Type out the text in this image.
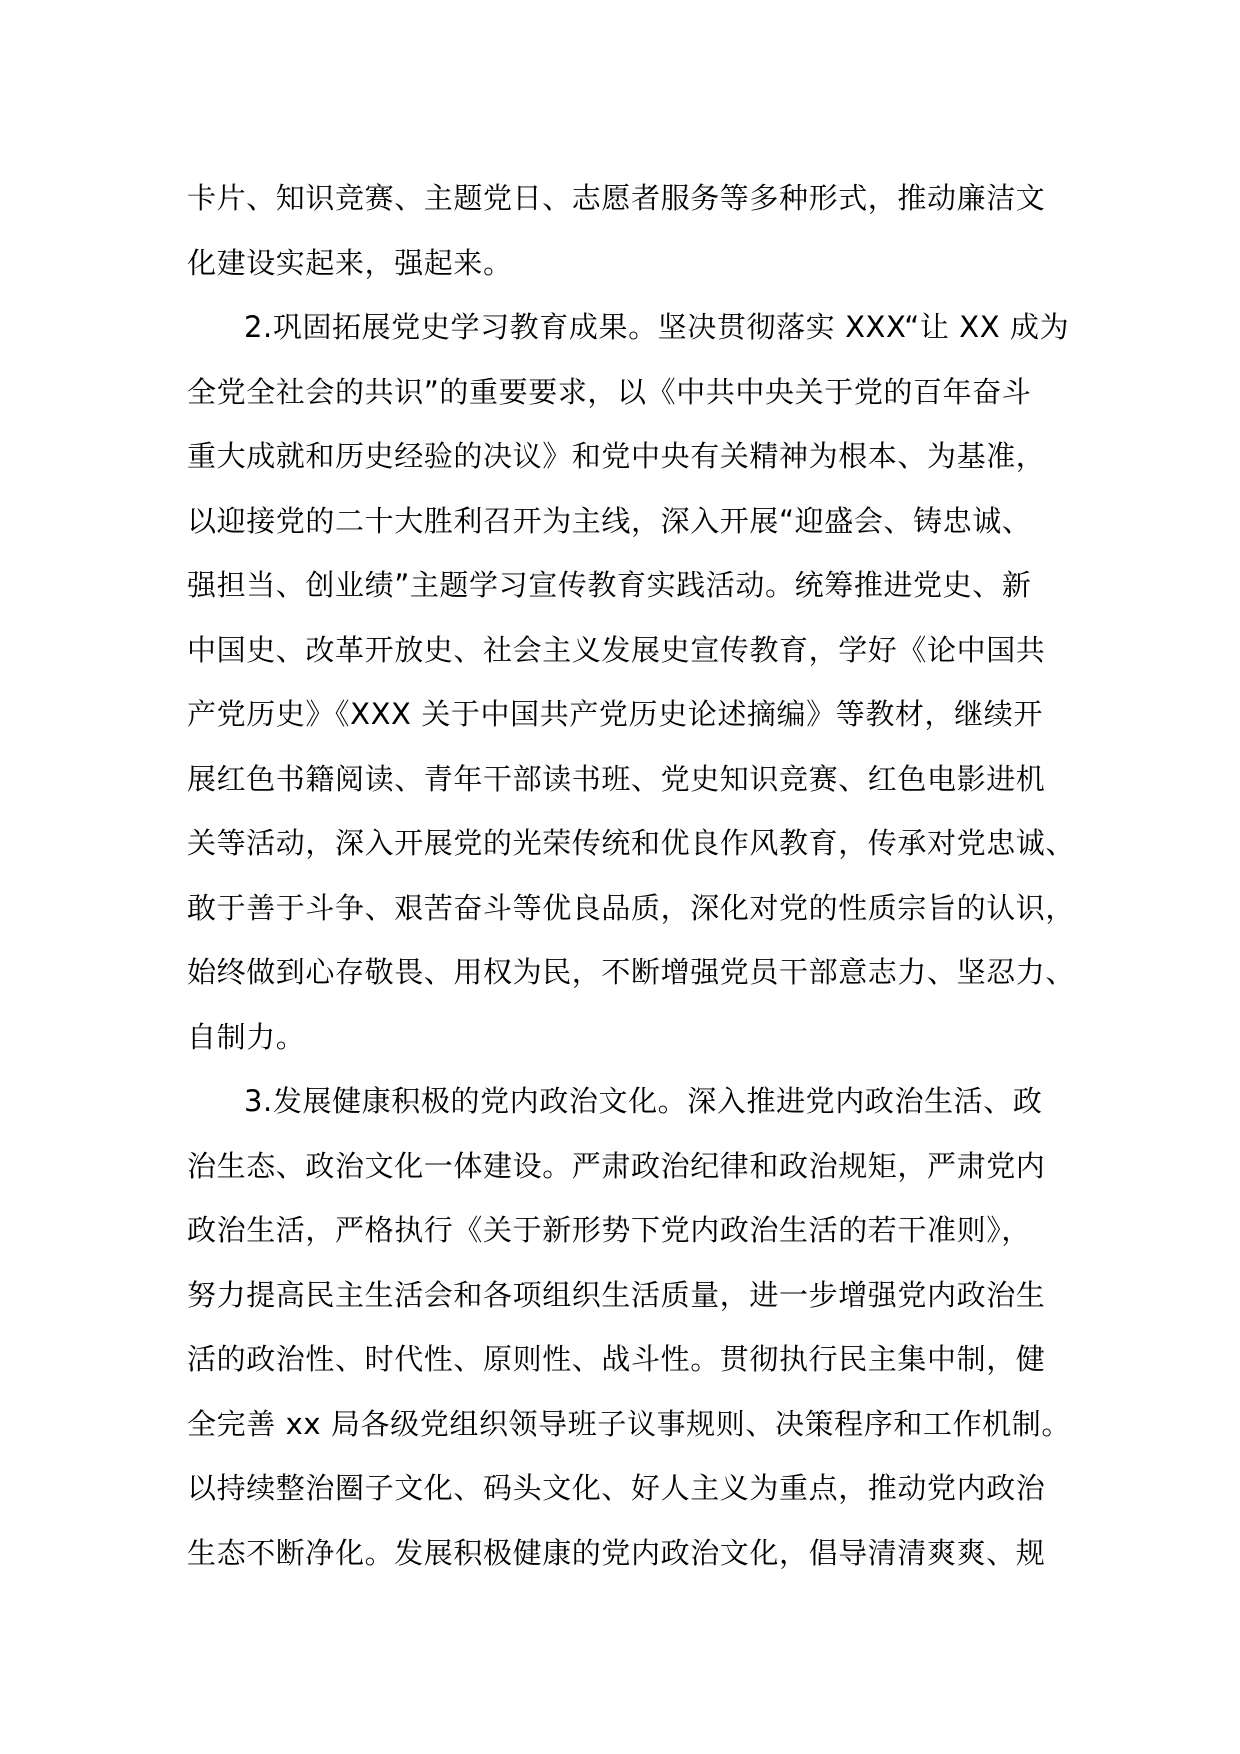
卡片、知识竞赛、主题党日、志愿者服务等多种形式，推动廉洁文
化建设实起来，强起来。
2.巩固拓展党史学习教育成果。坚决贯彻落实 XXX“让 XX 成为
全党全社会的共识”的重要要求，以《中共中央关于党的百年奋斗
重大成就和历史经验的决议》和党中央有关精神为根本、为基准，
以迎接党的二十大胜利召开为主线，深入开展“迎盛会、铸忠诚、
强担当、创业绩”主题学习宣传教育实践活动。统筹推进党史、新
中国史、改革开放史、社会主义发展史宣传教育，学好《论中国共
产党历史》《XXX 关于中国共产党历史论述摘编》等教材，继续开
展红色书籍阅读、青年干部读书班、党史知识竞赛、红色电影进机
关等活动，深入开展党的光荣传统和优良作风教育，传承对党忠诚、
敢于善于斗争、艰苦奋斗等优良品质，深化对党的性质宗旨的认识，
始终做到心存敬畏、用权为民，不断增强党员干部意志力、坚忍力、
自制力。
3.发展健康积极的党内政治文化。深入推进党内政治生活、政
治生态、政治文化一体建设。严肃政治纪律和政治规矩，严肃党内
政治生活，严格执行《关于新形势下党内政治生活的若干准则》，
努力提高民主生活会和各项组织生活质量，进一步增强党内政治生
活的政治性、时代性、原则性、战斗性。贯彻执行民主集中制，健
全完善 xx 局各级党组织领导班子议事规则、决策程序和工作机制。
以持续整治圈子文化、码头文化、好人主义为重点，推动党内政治
生态不断净化。发展积极健康的党内政治文化，倡导清清爽爽、规
